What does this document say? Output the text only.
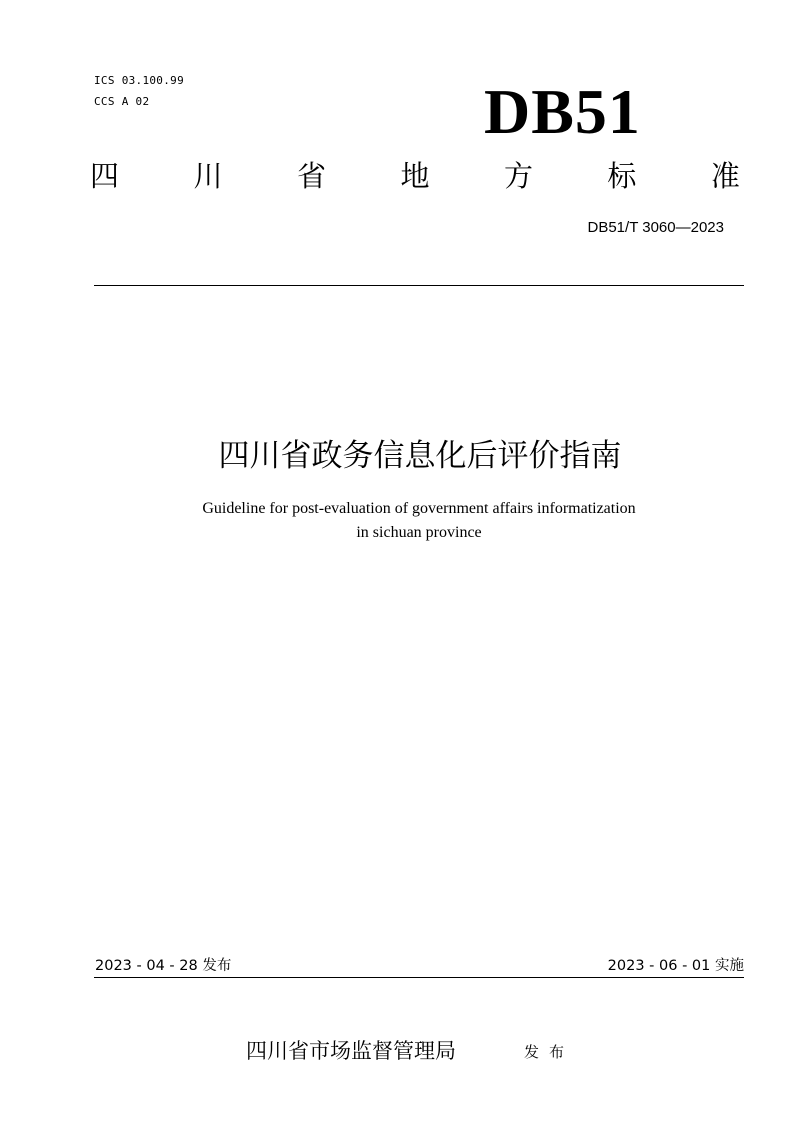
ICS 03.100.99
CCS A 02	DB51
四	川	省	地	方	标	准
DB51/T 3060—2023
四川省政务信息化后评价指南
Guideline for post-evaluation of government affairs informatization
in sichuan province
2023 - 04 - 28 发布	2023 - 06 - 01 实施
四川省市场监督管理局	发布
